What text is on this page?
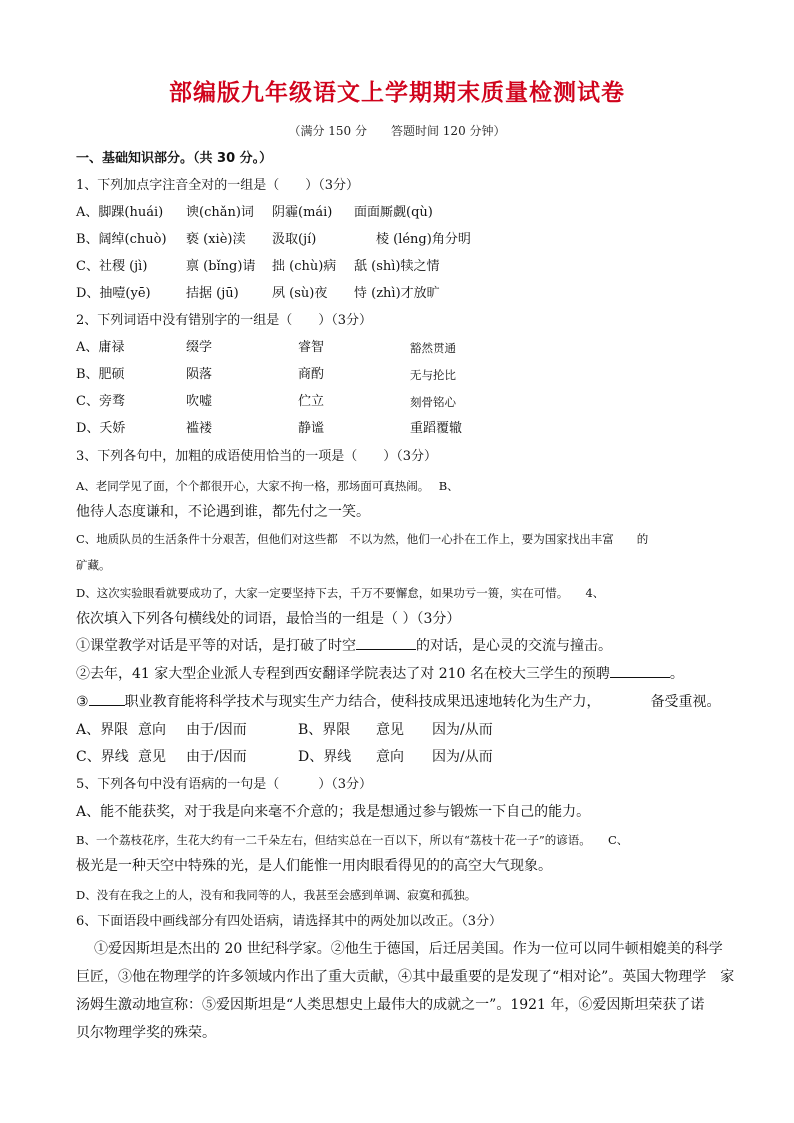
部编版九年级语文上学期期末质量检测试卷
（满分 150 分　　答题时间 120 分钟）
一、基础知识部分。（共 30 分。）
1、下列加点字注音全对的一组是（　　）（3分）
A、脚踝(huái) 谀(chǎn)词 阴霾(mái) 面面厮觑(qù)
B、阔绰(chuò) 亵 (xiè)渎 汲取(jí)	棱 (léng)角分明
C、社稷 (jì)	禀 (bǐng)请 拙 (chù)病 舐 (shì)犊之情
D、抽噎(yē)	拮据 (jū)	夙 (sù)夜 恃 (zhì)才放旷
2、下列词语中没有错别字的一组是（　　）（3分）
A、庸禄	缀学	睿智	豁然贯通
B、肥硕	陨落	商酌	无与抡比
C、旁骛	吹嘘	伫立	刻骨铭心
D、夭娇	褴褛	静谧	重蹈覆辙
3、下列各句中，加粗的成语使用恰当的一项是（　　）（3分）
A、老同学见了面，个个都很开心，大家不拘一格，那场面可真热闹。　 B、
他待人态度谦和，不论遇到谁，都先付之一笑。
C、地质队员的生活条件十分艰苦，但他们对这些都　不以为然，他们一心扑在工作上，要为国家找出丰富　　的
矿藏。
D、这次实验眼看就要成功了，大家一定要坚持下去，千万不要懈怠，如果功亏一篑，实在可惜。　　4、
依次填入下列各句横线处的词语，最恰当的一组是（ ）（3分）
①课堂教学对话是平等的对话，是打破了时空	的对话，是心灵的交流与撞击。
②去年，41 家大型企业派人专程到西安翻译学院表达了对 210 名在校大三学生的预聘	。
③	职业教育能将科学技术与现实生产力结合，使科技成果迅速地转化为生产力，	备受重视。
A、界限 意向 由于/因而	B、界限 意见 因为/从而
C、界线 意见 由于/因而	D、界线 意向 因为/从而
5、下列各句中没有语病的一句是（　　　）（3分）
A、能不能获奖，对于我是向来毫不介意的；我是想通过参与锻炼一下自己的能力。
B、一个荔枝花序，生花大约有一二千朵左右，但结实总在一百以下，所以有“荔枝十花一子”的谚语。　　C、
极光是一种天空中特殊的光，是人们能惟一用肉眼看得见的的高空大气现象。
D、没有在我之上的人，没有和我同等的人，我甚至会感到单调、寂寞和孤独。
6、下面语段中画线部分有四处语病，请选择其中的两处加以改正。（3分）
①爱因斯坦是杰出的 20 世纪科学家。②他生于德国，后迁居美国。作为一位可以同牛顿相媲美的科学
巨匠，③他在物理学的许多领域内作出了重大贡献，④其中最重要的是发现了“相对论”。英国大物理学　家
汤姆生激动地宣称：⑤爱因斯坦是“人类思想史上最伟大的成就之一”。1921 年，⑥爱因斯坦荣获了诺
贝尔物理学奖的殊荣。
